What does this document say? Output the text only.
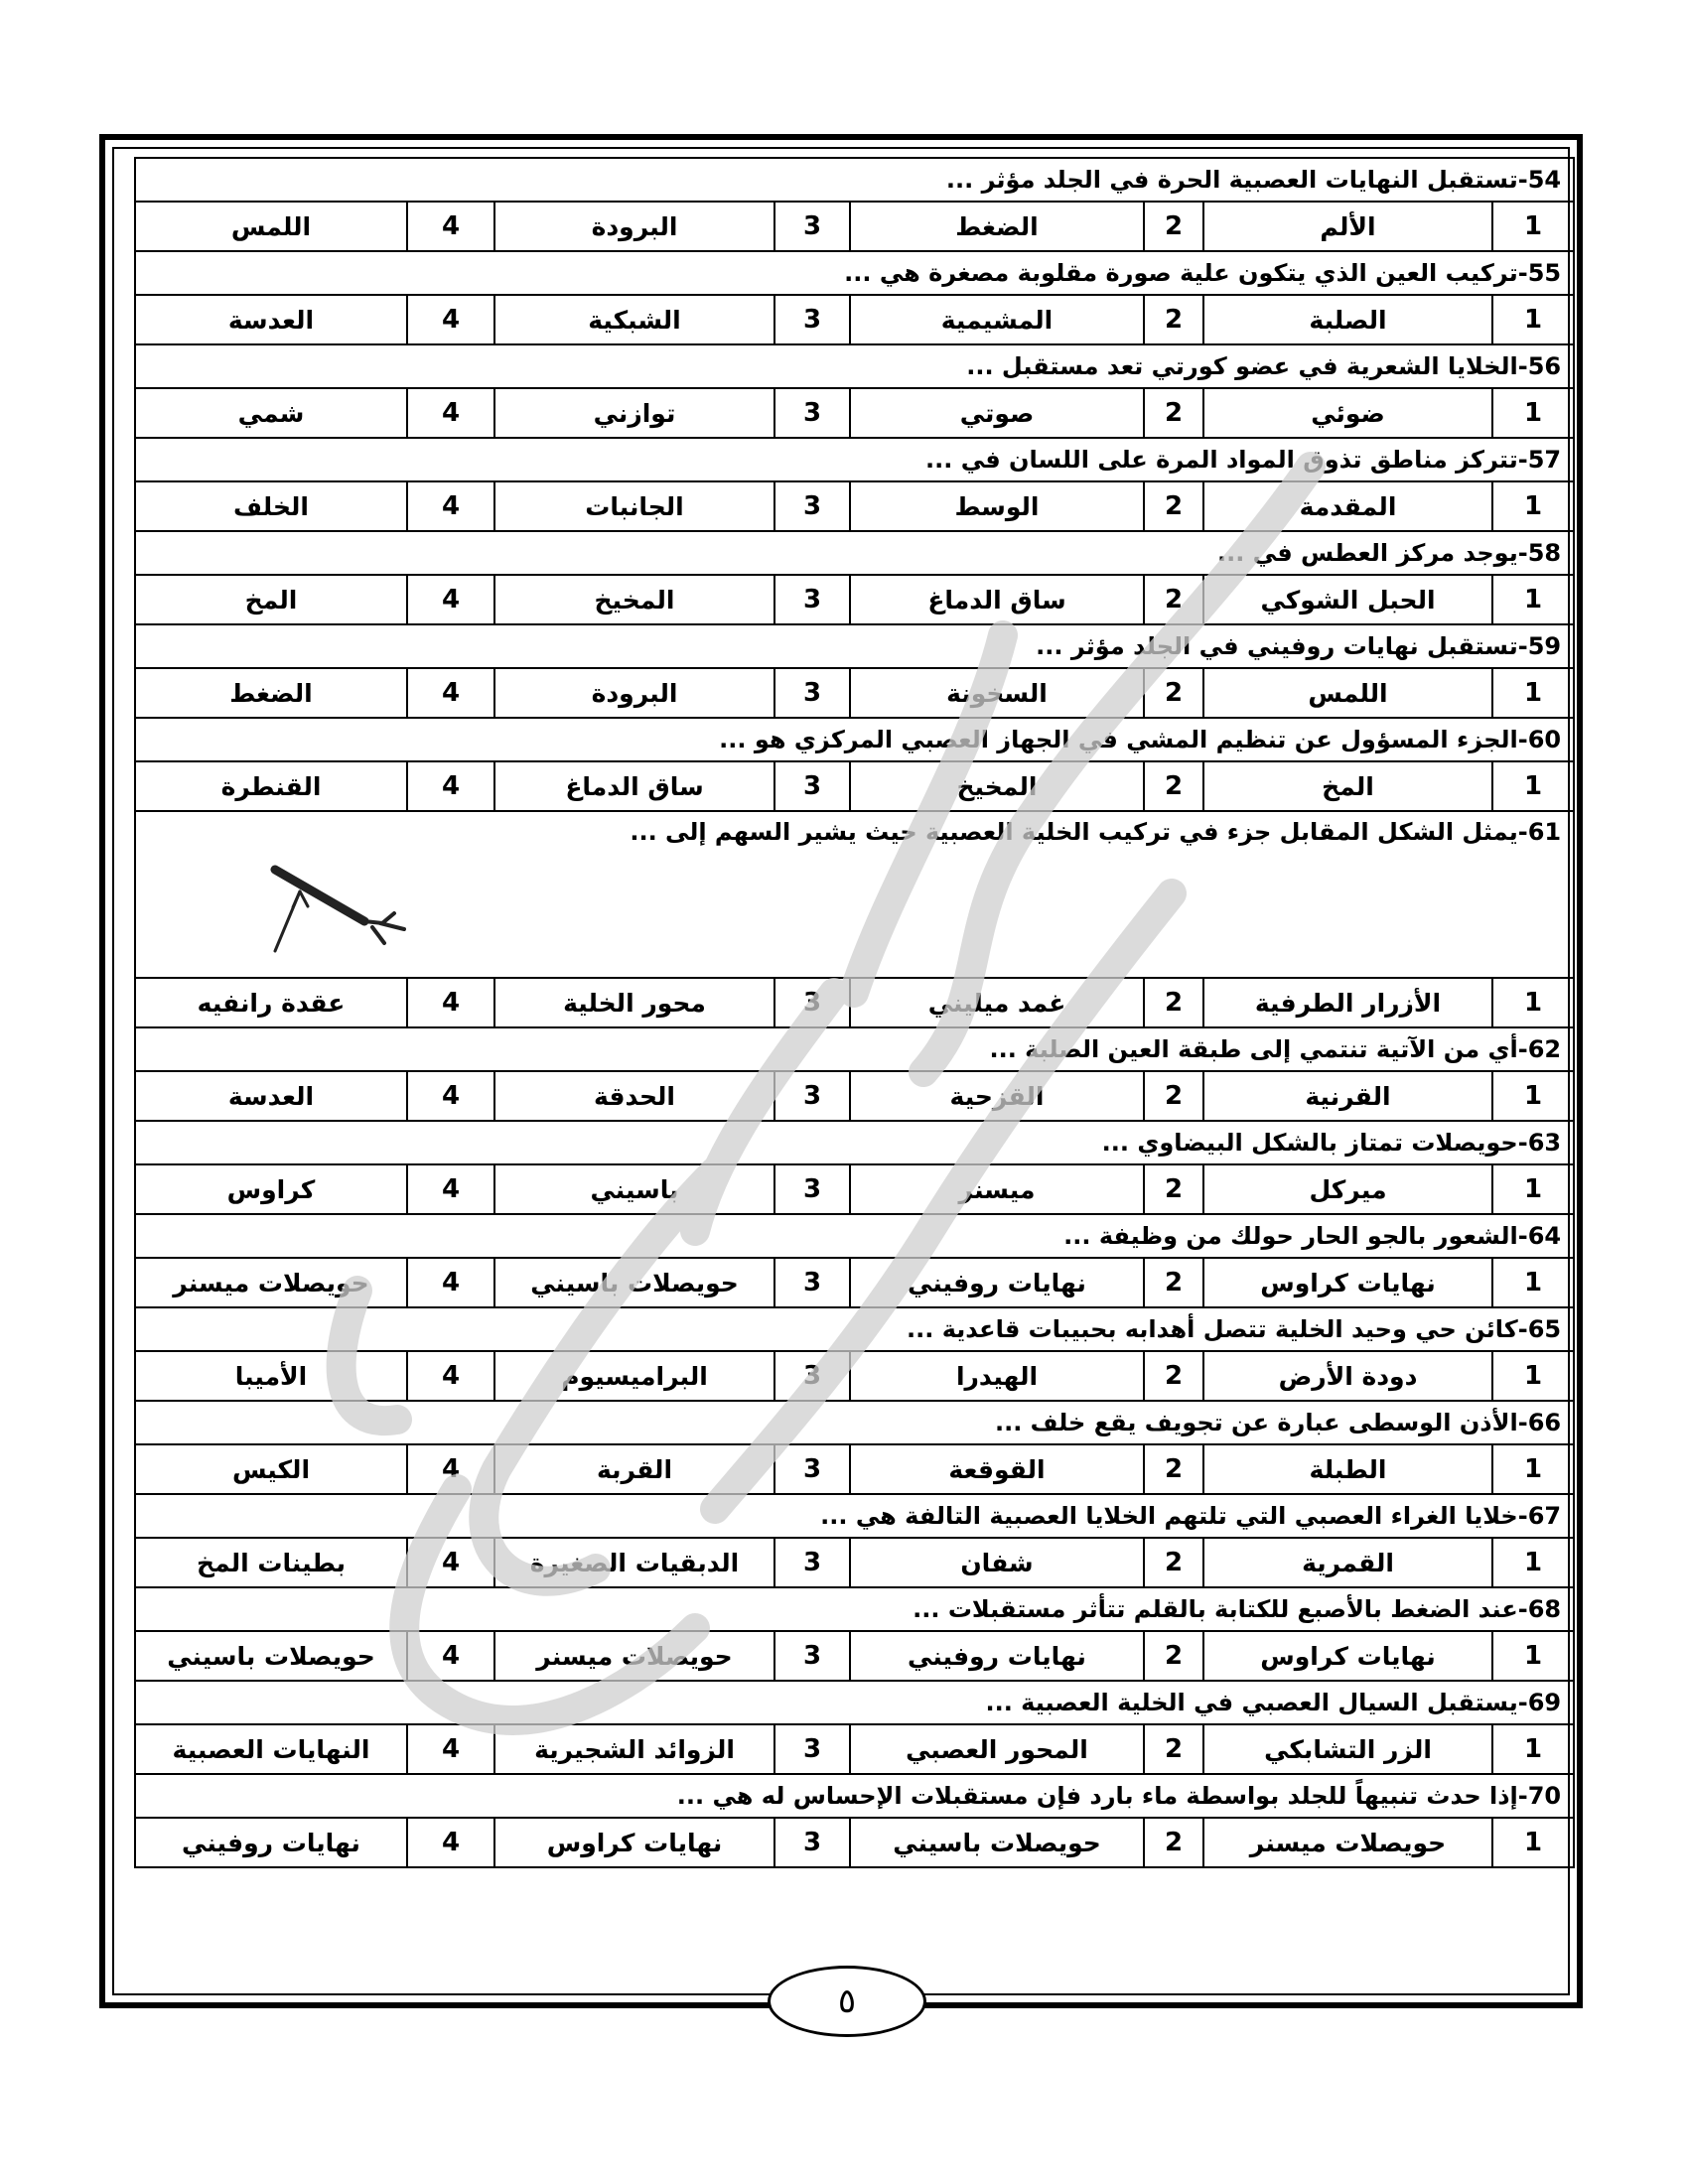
54-تستقبل النهايات العصبية الحرة في الجلد مؤثر ...							
اللمس	4	البرودة	3	الضغط	2	الألم	1
55-تركيب العين الذي يتكون علية صورة مقلوبة مصغرة هي ...							
العدسة	4	الشبكية	3	المشيمية	2	الصلبة	1
56-الخلايا الشعرية في عضو كورتي تعد مستقبل ...							
شمي	4	توازني	3	صوتي	2	ضوئي	1
57-تتركز مناطق تذوق المواد المرة على اللسان في ...							
الخلف	4	الجانبات	3	الوسط	2	المقدمة	1
58-يوجد مركز العطس في ...							
المخ	4	المخيخ	3	ساق الدماغ	2	الحبل الشوكي	1
59-تستقبل نهايات روفيني في الجلد مؤثر ...							
الضغط	4	البرودة	3	السخونة	2	اللمس	1
60-الجزء المسؤول عن تنظيم المشي في الجهاز العصبي المركزي هو ...							
القنطرة	4	ساق الدماغ	3	المخيخ	2	المخ	1
61-يمثل الشكل المقابل جزء في تركيب الخلية العصبية حيث يشير السهم إلى ...							

عقدة رانفيه	4	محور الخلية	3	غمد ميليني	2	الأزرار الطرفية	1
62-أي من الآتية تنتمي إلى طبقة العين الصلبة ...							
العدسة	4	الحدقة	3	القزحية	2	القرنية	1
63-حويصلات تمتاز بالشكل البيضاوي ...							
كراوس	4	باسيني	3	ميسنر	2	ميركل	1
64-الشعور بالجو الحار حولك من وظيفة ...							
حويصلات ميسنر	4	حويصلات باسيني	3	نهايات روفيني	2	نهايات كراوس	1
65-كائن حي وحيد الخلية تتصل أهدابه بحبيبات قاعدية ...							
الأميبا	4	البراميسيوم	3	الهيدرا	2	دودة الأرض	1
66-الأذن الوسطى عبارة عن تجويف يقع خلف ...							
الكيس	4	القربة	3	القوقعة	2	الطبلة	1
67-خلايا الغراء العصبي التي تلتهم الخلايا العصبية التالفة هي ...							
بطينات المخ	4	الدبقيات الصغيرة	3	شفان	2	القمرية	1
68-عند الضغط بالأصبع للكتابة بالقلم تتأثر مستقبلات ...							
حويصلات باسيني	4	حويصلات ميسنر	3	نهايات روفيني	2	نهايات كراوس	1
69-يستقبل السيال العصبي في الخلية العصبية ...							
النهايات العصبية	4	الزوائد الشجيرية	3	المحور العصبي	2	الزر التشابكي	1
70-إذا حدث تنبيهاً للجلد بواسطة ماء بارد فإن مستقبلات الإحساس له هي ...							
نهايات روفيني	4	نهايات كراوس	3	حويصلات باسيني	2	حويصلات ميسنر	1
٥
